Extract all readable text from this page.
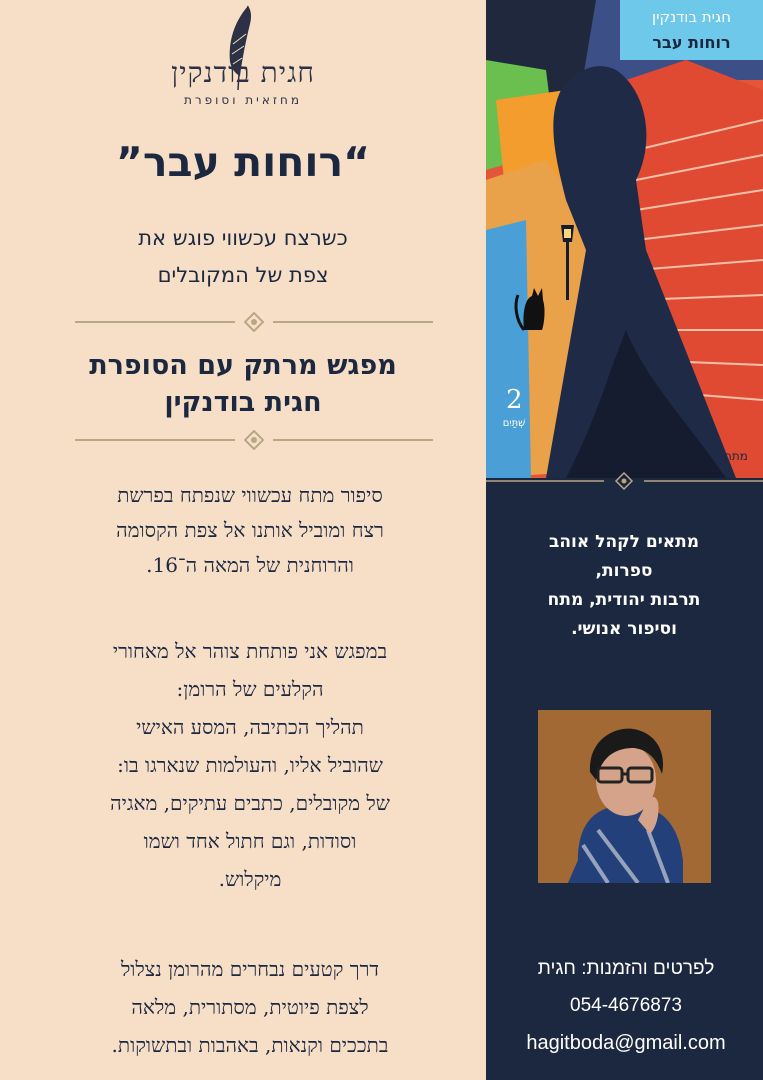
חגית בודנקין
מחזאית וסופרת
“רוחות עבר”
כשרצח עכשווי פוגש את
צפת של המקובלים
מפגש מרתק עם הסופרת
חגית בודנקין
סיפור מתח עכשווי שנפתח בפרשת
רצח ומוביל אותנו אל צפת הקסומה
והרוחנית של המאה ה־16.
במפגש אני פותחת צוהר אל מאחורי
הקלעים של הרומן:
תהליך הכתיבה, המסע האישי
שהוביל אליו, והעולמות שנארגו בו:
של מקובלים, כתבים עתיקים, מאגיה
וסודות, וגם חתול אחד ושמו
מיקלוש.
דרך קטעים נבחרים מהרומן נצלול
לצפת פיוטית, מסתורית, מלאה
בתככים וקנאות, באהבות ובתשוקות.
2
שְׁתַּיִם
מתח
חגית בודנקין
רוחות עבר
מתאים לקהל אוהב
ספרות,
תרבות יהודית, מתח
וסיפור אנושי.
לפרטים והזמנות: חגית
054-4676873
hagitboda@gmail.com
